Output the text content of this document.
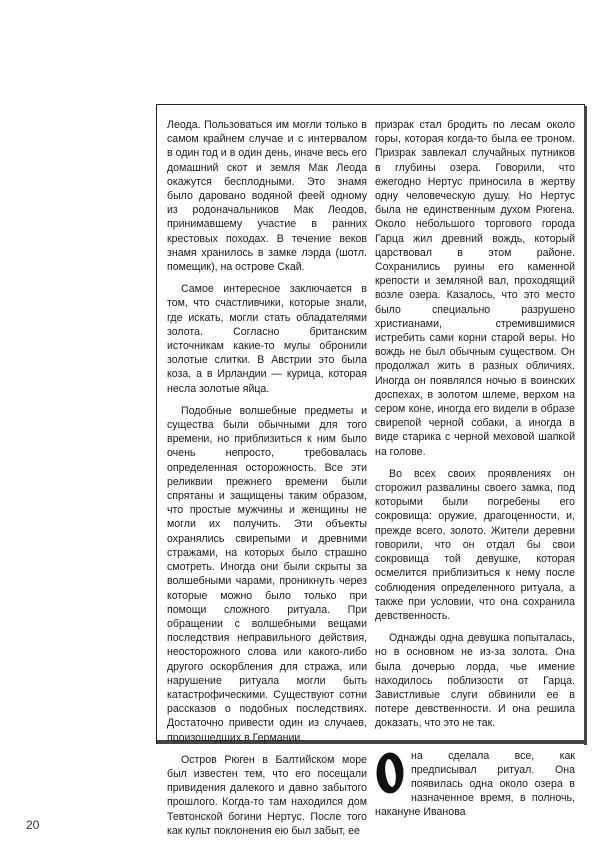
Леода. Пользоваться им могли только в самом крайнем случае и с интервалом в один год и в один день, иначе весь его домашний скот и земля Мак Леода окажутся бесплодными. Это знамя было даровано водяной феей одному из родоначальников Мак Леодов, принимавшему участие в ранних крестовых походах. В течение веков знамя хранилось в замке лэрда (шотл. помещик), на острове Скай.

Самое интересное заключается в том, что счастливчики, которые знали, где искать, могли стать обладателями золота. Согласно британским источникам какие-то мулы обронили золотые слитки. В Австрии это была коза, а в Ирландии — курица, которая несла золотые яйца.

Подобные волшебные предметы и существа были обычными для того времени, но приблизиться к ним было очень непросто, требовалась определенная осторожность. Все эти реликвии прежнего времени были спрятаны и защищены таким образом, что простые мужчины и женщины не могли их получить. Эти объекты охранялись свирепыми и древними стражами, на которых было страшно смотреть. Иногда они были скрыты за волшебными чарами, проникнуть через которые можно было только при помощи сложного ритуала. При обращении с волшебными вещами последствия неправильного действия, неосторожного слова или какого-либо другого оскорбления для стража, или нарушение ритуала могли быть катастрофическими. Существуют сотни рассказов о подобных последствиях. Достаточно привести один из случаев, произошедших в Германии.

Остров Рюген в Балтийском море был известен тем, что его посещали привидения далекого и давно забытого прошлого. Когда-то там находился дом Тевтонской богини Нертус. После того как культ поклонения ею был забыт, ее

призрак стал бродить по лесам около горы, которая когда-то была ее троном. Призрак завлекал случайных путников в глубины озера. Говорили, что ежегодно Нертус приносила в жертву одну человеческую душу. Но Нертус была не единственным духом Рюгена. Около небольшого торгового города Гарца жил древний вождь, который царствовал в этом районе. Сохранились руины его каменной крепости и земляной вал, проходящий возле озера. Казалось, что это место было специально разрушено христианами, стремившимися истребить сами корни старой веры. Но вождь не был обычным существом. Он продолжал жить в разных обличиях. Иногда он появлялся ночью в воинских доспехах, в золотом шлеме, верхом на сером коне, иногда его видели в образе свирепой черной собаки, а иногда в виде старика с черной меховой шапкой на голове.

Во всех своих проявлениях он сторожил развалины своего замка, под которыми были погребены его сокровища: оружие, драгоценности, и, прежде всего, золото. Жители деревни говорили, что он отдал бы свои сокровища той девушке, которая осмелится приблизиться к нему после соблюдения определенного ритуала, а также при условии, что она сохранила девственность.

Однажды одна девушка попыталась, но в основном не из-за золота. Она была дочерью лорда, чье имение находилось поблизости от Гарца. Завистливые слуги обвинили ее в потере девственности. И она решила доказать, что это не так.

на сделала все, как предписывал ритуал. Она появилась одна около озера в назначенное время, в полночь, накануне Иванова

20
